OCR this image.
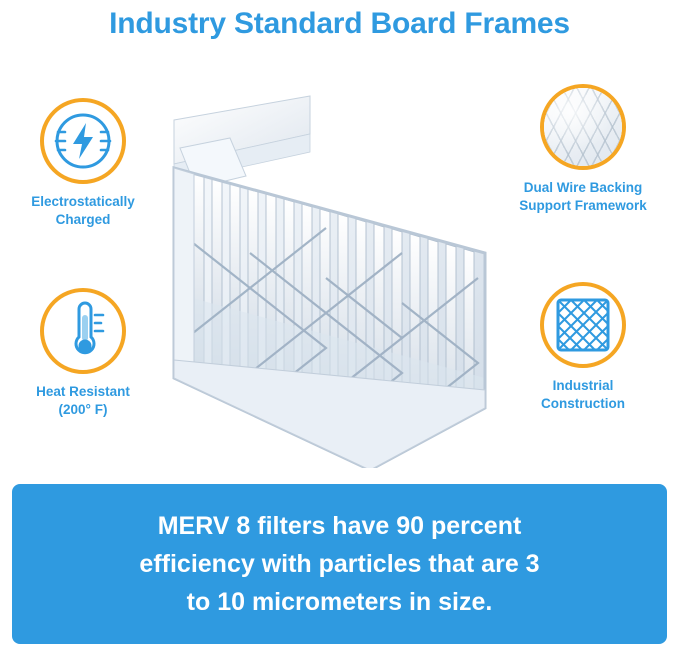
Industry Standard Board Frames
Electrostatically
Charged
Heat Resistant
(200° F)
Dual Wire Backing
Support Framework
Industrial
Construction
MERV 8 filters have 90 percent
efficiency with particles that are 3
to 10 micrometers in size.
